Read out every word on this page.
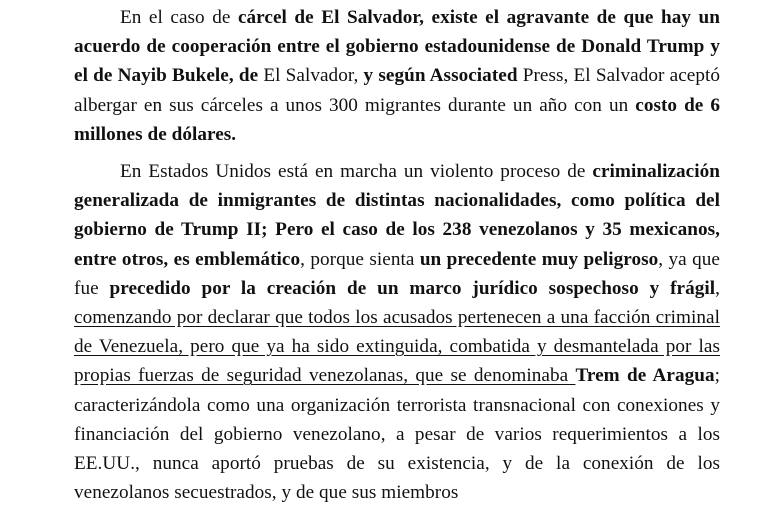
En el caso de cárcel de El Salvador, existe el agravante de que hay un acuerdo de cooperación entre el gobierno estadounidense de Donald Trump y el de Nayib Bukele, de El Salvador, y según Associated Press, El Salvador aceptó albergar en sus cárceles a unos 300 migrantes durante un año con un costo de 6 millones de dólares.

En Estados Unidos está en marcha un violento proceso de criminalización generalizada de inmigrantes de distintas nacionalidades, como política del gobierno de Trump II; Pero el caso de los 238 venezolanos y 35 mexicanos, entre otros, es emblemático, porque sienta un precedente muy peligroso, ya que fue precedido por la creación de un marco jurídico sospechoso y frágil, comenzando por declarar que todos los acusados pertenecen a una facción criminal de Venezuela, pero que ya ha sido extinguida, combatida y desmantelada por las propias fuerzas de seguridad venezolanas, que se denominaba Trem de Aragua; caracterizándola como una organización terrorista transnacional con conexiones y financiación del gobierno venezolano, a pesar de varios requerimientos a los EE.UU., nunca aportó pruebas de su existencia, y de la conexión de los venezolanos secuestrados, y de que sus miembros
